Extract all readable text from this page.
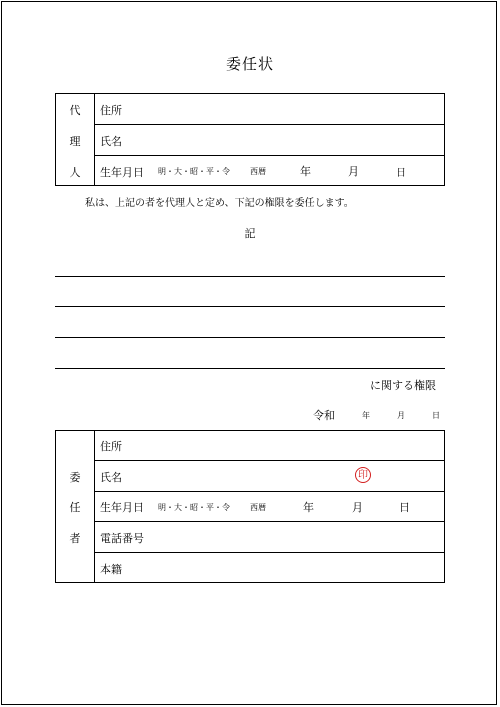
委任状
代
理
人
住所
氏名
生年月日 明・大・昭・平・令	西暦	年	月	日
私は、上記の者を代理人と定め、下記の権限を委任します。
記
に関する権限
令和	年	月	日
委
任
者
住所
氏名	印
生年月日 明・大・昭・平・令	西暦	年	月	日
電話番号
本籍
